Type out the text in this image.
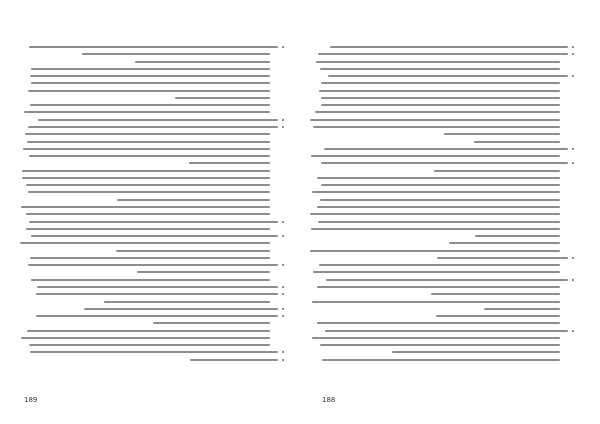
189	188
